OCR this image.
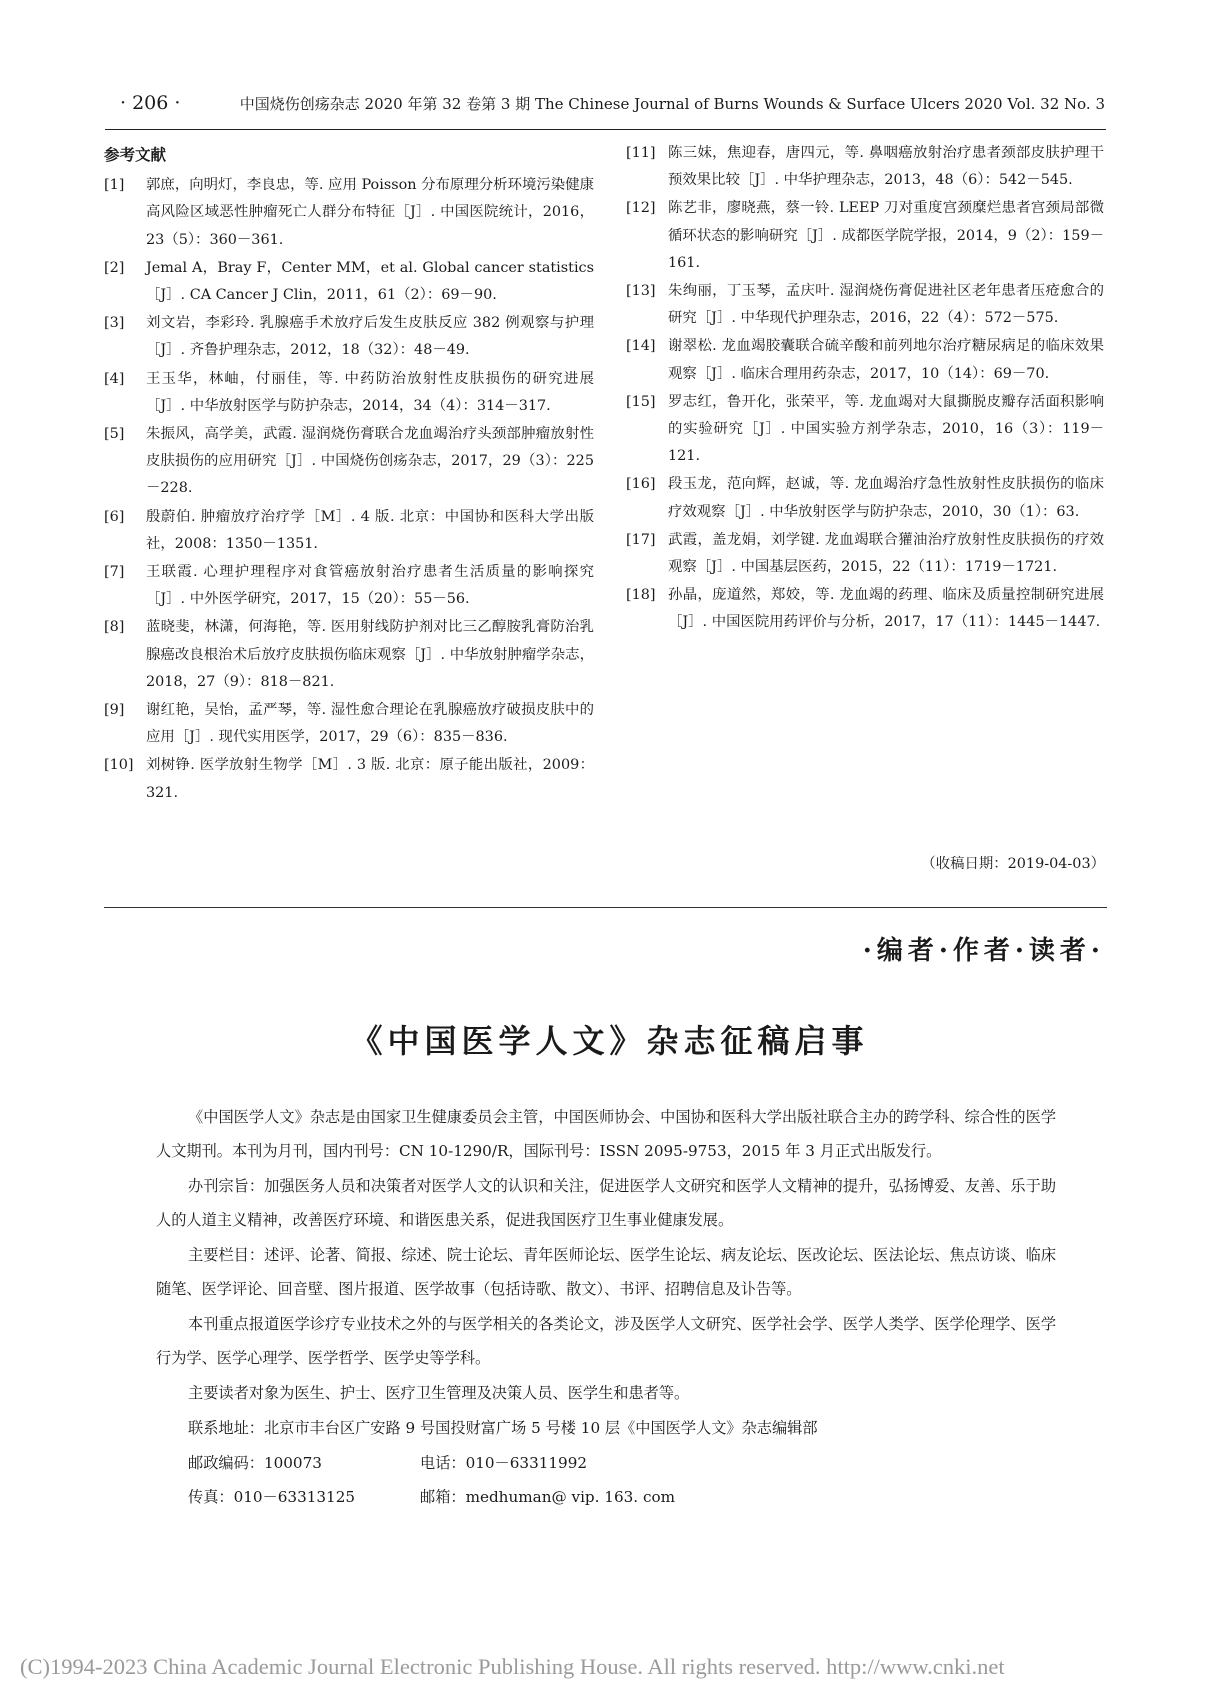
· 206 ·	中国烧伤创疡杂志 2020 年第 32 卷第 3 期 The Chinese Journal of Burns Wounds & Surface Ulcers 2020 Vol. 32 No. 3
参考文献
[1] 郭庶，向明灯，李良忠，等. 应用 Poisson 分布原理分析环境污染健康高风险区域恶性肿瘤死亡人群分布特征［J］. 中国医院统计，2016，23（5）：360－361.
[2] Jemal A，Bray F，Center MM，et al. Global cancer statistics［J］. CA Cancer J Clin，2011，61（2）：69－90.
[3] 刘文岩，李彩玲. 乳腺癌手术放疗后发生皮肤反应 382 例观察与护理［J］. 齐鲁护理杂志，2012，18（32）：48－49.
[4] 王玉华，林岫，付丽佳，等. 中药防治放射性皮肤损伤的研究进展［J］. 中华放射医学与防护杂志，2014，34（4）：314－317.
[5] 朱振风，高学美，武霞. 湿润烧伤膏联合龙血竭治疗头颈部肿瘤放射性皮肤损伤的应用研究［J］. 中国烧伤创疡杂志，2017，29（3）：225－228.
[6] 殷蔚伯. 肿瘤放疗治疗学［M］. 4 版. 北京：中国协和医科大学出版社，2008：1350－1351.
[7] 王联霞. 心理护理程序对食管癌放射治疗患者生活质量的影响探究［J］. 中外医学研究，2017，15（20）：55－56.
[8] 蓝晓斐，林潇，何海艳，等. 医用射线防护剂对比三乙醇胺乳膏防治乳腺癌改良根治术后放疗皮肤损伤临床观察［J］. 中华放射肿瘤学杂志，2018，27（9）：818－821.
[9] 谢红艳，吴怡，孟严琴，等. 湿性愈合理论在乳腺癌放疗破损皮肤中的应用［J］. 现代实用医学，2017，29（6）：835－836.
[10] 刘树铮. 医学放射生物学［M］. 3 版. 北京：原子能出版社，2009：321.
[11] 陈三妹，焦迎春，唐四元，等. 鼻咽癌放射治疗患者颈部皮肤护理干预效果比较［J］. 中华护理杂志，2013，48（6）：542－545.
[12] 陈艺非，廖晓燕，蔡一铃. LEEP 刀对重度宫颈糜烂患者宫颈局部微循环状态的影响研究［J］. 成都医学院学报，2014，9（2）：159－161.
[13] 朱绚丽，丁玉琴，孟庆叶. 湿润烧伤膏促进社区老年患者压疮愈合的研究［J］. 中华现代护理杂志，2016，22（4）：572－575.
[14] 谢翠松. 龙血竭胶囊联合硫辛酸和前列地尔治疗糖尿病足的临床效果观察［J］. 临床合理用药杂志，2017，10（14）：69－70.
[15] 罗志红，鲁开化，张荣平，等. 龙血竭对大鼠撕脱皮瓣存活面积影响的实验研究［J］. 中国实验方剂学杂志，2010，16（3）：119－121.
[16] 段玉龙，范向辉，赵诚，等. 龙血竭治疗急性放射性皮肤损伤的临床疗效观察［J］. 中华放射医学与防护杂志，2010，30（1）：63.
[17] 武霞，盖龙娟，刘学键. 龙血竭联合獾油治疗放射性皮肤损伤的疗效观察［J］. 中国基层医药，2015，22（11）：1719－1721.
[18] 孙晶，庞道然，郑姣，等. 龙血竭的药理、临床及质量控制研究进展［J］. 中国医院用药评价与分析，2017，17（11）：1445－1447.
（收稿日期：2019-04-03）
·编者·作者·读者·
《中国医学人文》杂志征稿启事

《中国医学人文》杂志是由国家卫生健康委员会主管，中国医师协会、中国协和医科大学出版社联合主办的跨学科、综合性的医学人文期刊。本刊为月刊，国内刊号：CN 10-1290/R，国际刊号：ISSN 2095-9753，2015 年 3 月正式出版发行。

办刊宗旨：加强医务人员和决策者对医学人文的认识和关注，促进医学人文研究和医学人文精神的提升，弘扬博爱、友善、乐于助人的人道主义精神，改善医疗环境、和谐医患关系，促进我国医疗卫生事业健康发展。

主要栏目：述评、论著、简报、综述、院士论坛、青年医师论坛、医学生论坛、病友论坛、医改论坛、医法论坛、焦点访谈、临床随笔、医学评论、回音壁、图片报道、医学故事（包括诗歌、散文）、书评、招聘信息及讣告等。

本刊重点报道医学诊疗专业技术之外的与医学相关的各类论文，涉及医学人文研究、医学社会学、医学人类学、医学伦理学、医学行为学、医学心理学、医学哲学、医学史等学科。

主要读者对象为医生、护士、医疗卫生管理及决策人员、医学生和患者等。

联系地址：北京市丰台区广安路 9 号国投财富广场 5 号楼 10 层《中国医学人文》杂志编辑部

邮政编码：100073	电话：010－63311992
传真：010－63313125	邮箱：medhuman@ vip. 163. com
(C)1994-2023 China Academic Journal Electronic Publishing House. All rights reserved. http://www.cnki.net
